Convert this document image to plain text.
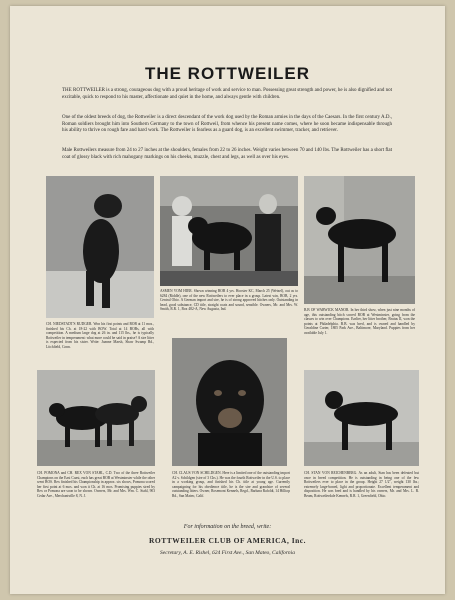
THE ROTTWEILER

THE ROTTWEILER is a strong, courageous dog with a proud heritage of work and service to man. Possessing great strength and power, he is also dignified and not excitable, quick to respond to his master, affectionate and quiet in the home, and always gentle with children.

One of the oldest breeds of dog, the Rottweiler is a direct descendant of the work dog used by the Roman armies in the days of the Caesars. In the first century A.D., Roman soldiers brought him into Southern Germany to the town of Rottweil, from whence his present name comes, where he soon became indispensable through his ability to thrive on rough fare and hard work. The Rottweiler is fearless as a guard dog, is an excellent swimmer, tracker, and retriever.

Male Rottweilers measure from 24 to 27 inches at the shoulders, females from 22 to 26 inches. Weight varies between 70 and 140 lbs. The Rottweiler has a short flat coat of glossy black with rich mahogany markings on his cheeks, muzzle, chest and legs, as well as over his eyes.

CH. NIEDSTADT'S RUDGER. Won his first points and BOB at 11 mos., finished his Ch. at 18-22 with BOW. Total at 14 BOBs, all with competition. A medium large dog at 26 in. and 115 lbs., he is typically Rottweiler in temperament: what more could be said in praise? A sire litter is expected from his sister. Write: Joanne Marsh, Shaw Swamp Rd., Litchfield, Conn.

ASMEN VOM HIER. Shown winning BOB 4 yrs. Hoosier KC, March 25 (Wetzel), out as to 6284 (Riddle), one of the new Rottweilers to ever place in a group. Latest win, BOB, 2 yrs. Central Ohio. A German import and sire, he is of strong approved hitches only. Outstanding in head, good substance, CD title, straight coats and sound, sensible. Owners, Mr. and Mrs. W. Smith, R.R. 1, Box 482-A, New Augusta, Ind.	B.B OF WARWICK MANOR. In her third show, when just nine months of age, this outstanding bitch scored BOB at Westminster, going from the classes to win over Champions. Earlier, her litter brother, Brutus II, won the points at Philadelphia. B.B. was bred, and is owned and handled by Geraldine Carter, 1805 Park Ave., Baltimore, Maryland. Puppies from her available July 1.

CH. POMONA and CH. REX VON STAHL, C.D. Two of the three Rottweiler Champions on the East Coast, each has great BOB at Westminster while the other went BOS. Rex finished his Championship in approx. six shows, Pomona scored her first point at 6 mos. and won it Ch. at 16 mos. Promising puppies sired by Rex or Pomona are soon to be shown. Owners, Mr. and Mrs. Wm. C. Stahl, 903 Cedar Ave., Merchantville 8, N. J.

CH. CLAUS VON SCHILDGEN. Here is a limited one of the outstanding import A2 v. Schildgen (sire of 3 Chs.). He was the fourth Rottweiler in the U.S. to place in a working group, and finished his Ch. title at young age. Currently campaigning for his obedience title, he is the sire and grandsire of several outstanding litters. Owner, Rosemont Kennels, Regd., Barbara Rafoldt, 14 Hilltop Rd., San Mateo, Calif.

CH. STAN VON REICHENBERG. As an adult, Stan has been defeated but once in breed competition. He is outstanding in being one of the few Rottweilers ever to place in the group. Height 27 1/2", weight 130 lbs.; extremely large-boned, light and proportionate. Excellent temperament and disposition. He was bred and is handled by his owners, Mr. and Mrs. L. R. Beam, Rottweilerdale Kennels, R.R. 1, Greenfield, Ohio.

For information on the breed, write:

ROTTWEILER CLUB OF AMERICA, Inc.

Secretary, A. E. Rishel, 624 First Ave., San Mateo, California
